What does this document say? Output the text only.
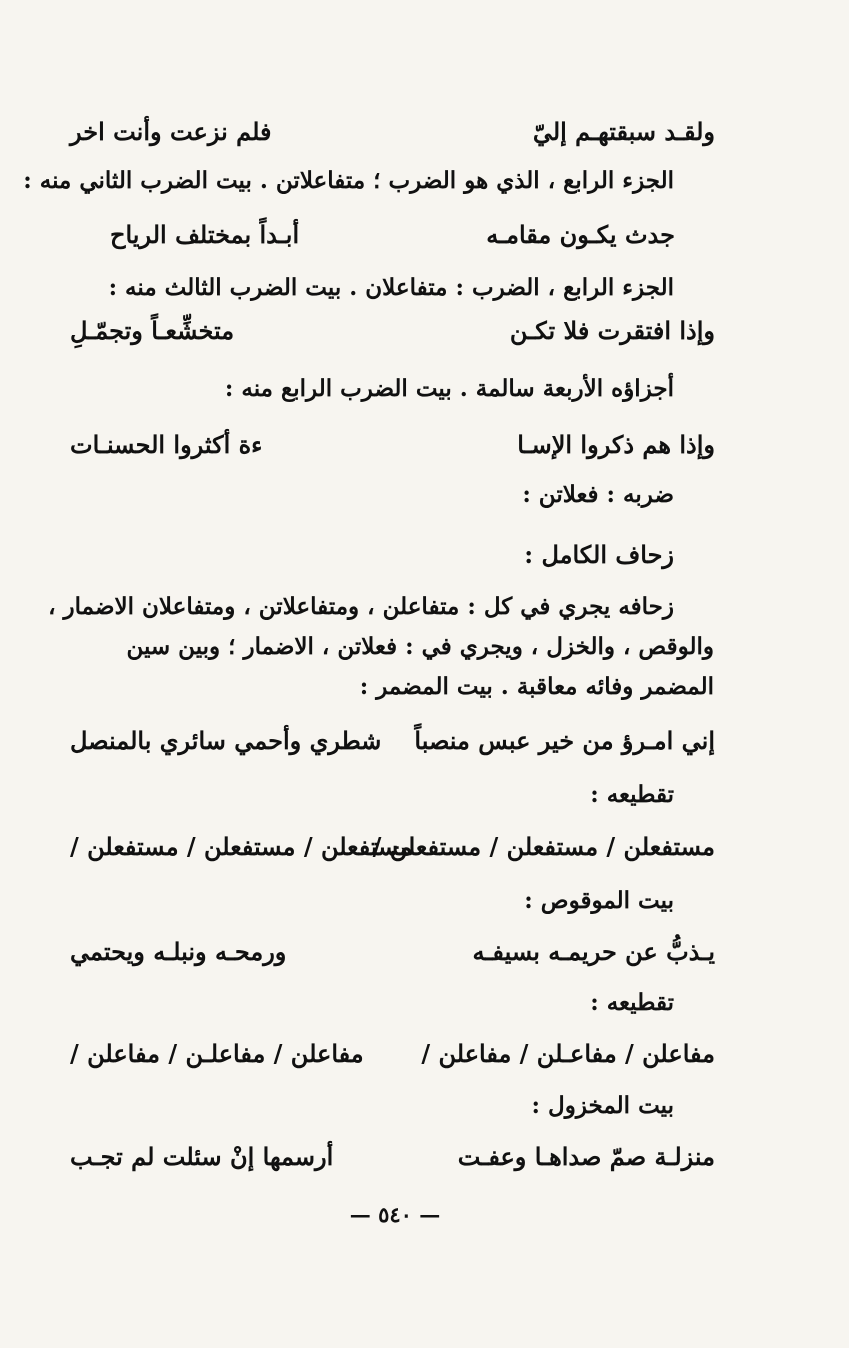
ولقـد سبقتهـم إليّ
فلم نزعت وأنت اخر

الجزء الرابع ، الذي هو الضرب ؛ متفاعلاتن . بيت الضرب الثاني منه :

جدث يكـون مقامـه
أبـداً بمختلف الرياح

الجزء الرابع ، الضرب : متفاعلان . بيت الضرب الثالث منه :

وإذا افتقرت فلا تكـن
متخشِّعـاً وتجمّـلِ

أجزاؤه الأربعة سالمة . بيت الضرب الرابع منه :

وإذا هم ذكروا الإسـا
ءة أكثروا الحسنـات

ضربه : فعلاتن :

زحاف الكامل :

زحافه يجري في كل : متفاعلن ، ومتفاعلاتن ، ومتفاعلان الاضمار ،

والوقص ، والخزل ، ويجري في : فعلاتن ، الاضمار ؛ وبين سين

المضمر وفائه معاقبة . بيت المضمر :

إني امـرؤ من خير عبس منصباً
شطري وأحمي سائري بالمنصل

تقطيعه :

مستفعلن / مستفعلن / مستفعلن /
مستفعلن / مستفعلن / مستفعلن /

بيت الموقوص :

يـذبُّ عن حريمـه بسيفـه
ورمحـه ونبلـه ويحتمي

تقطيعه :

مفاعلن / مفاعـلن / مفاعلن /
مفاعلن / مفاعلـن / مفاعلن /

بيت المخزول :

منزلـة صمّ صداهـا وعفـت
أرسمها إنْ سئلت لم تجـب
— ٥٤٠ —
